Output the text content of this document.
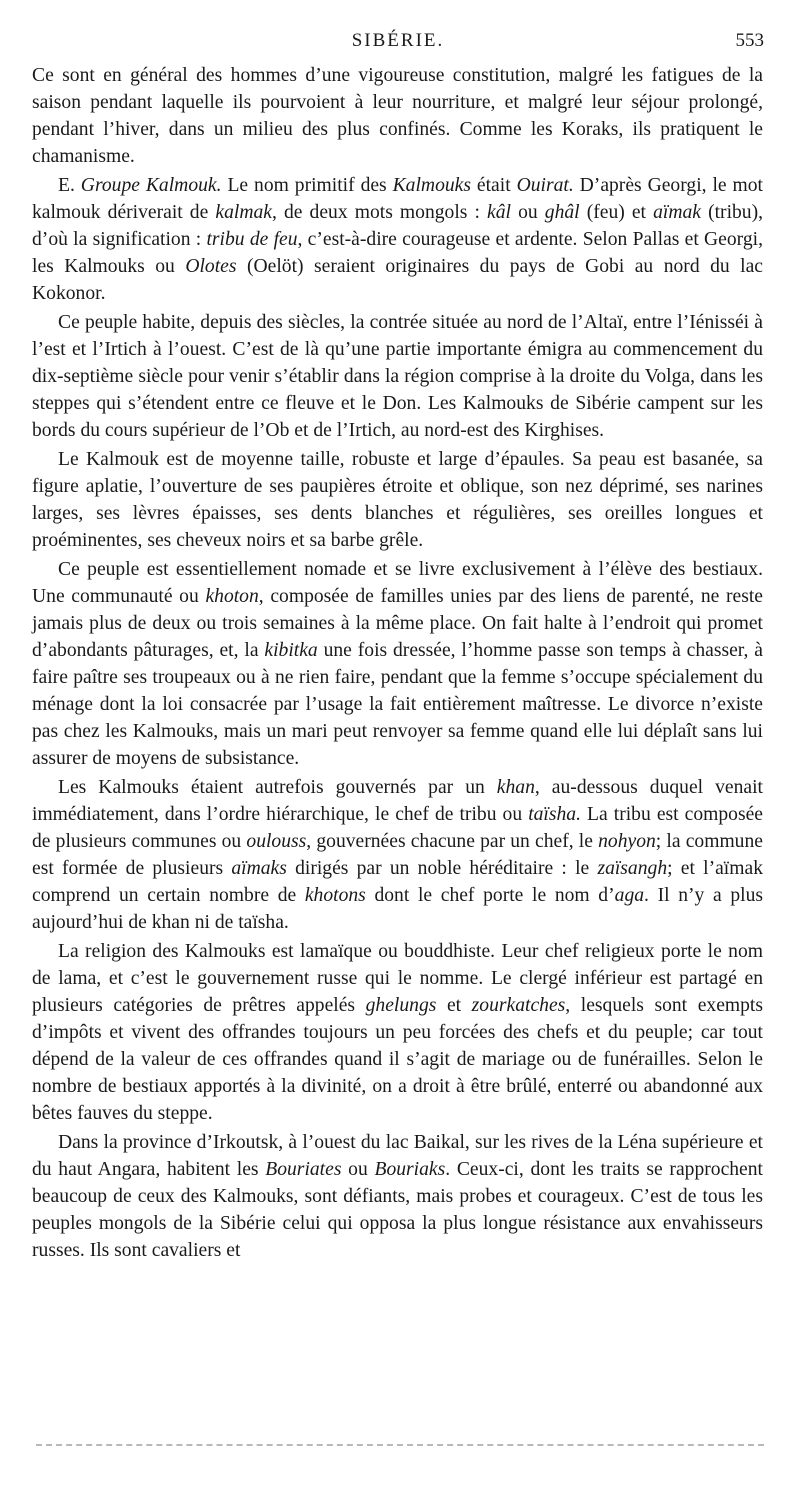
SIBÉRIE.	553

Ce sont en général des hommes d’une vigoureuse constitution, malgré les fatigues de la saison pendant laquelle ils pourvoient à leur nourriture, et malgré leur séjour prolongé, pendant l’hiver, dans un milieu des plus confinés. Comme les Koraks, ils pratiquent le chamanisme.

E. Groupe Kalmouk. Le nom primitif des Kalmouks était Ouirat. D’après Georgi, le mot kalmouk dériverait de kalmak, de deux mots mongols : kâl ou ghâl (feu) et aïmak (tribu), d’où la signification : tribu de feu, c’est-à-dire courageuse et ardente. Selon Pallas et Georgi, les Kalmouks ou Olotes (Oelöt) seraient originaires du pays de Gobi au nord du lac Kokonor.

Ce peuple habite, depuis des siècles, la contrée située au nord de l’Altaï, entre l’Iénisséi à l’est et l’Irtich à l’ouest. C’est de là qu’une partie importante émigra au commencement du dix-septième siècle pour venir s’établir dans la région comprise à la droite du Volga, dans les steppes qui s’étendent entre ce fleuve et le Don. Les Kalmouks de Sibérie campent sur les bords du cours supérieur de l’Ob et de l’Irtich, au nord-est des Kirghises.

Le Kalmouk est de moyenne taille, robuste et large d’épaules. Sa peau est basanée, sa figure aplatie, l’ouverture de ses paupières étroite et oblique, son nez déprimé, ses narines larges, ses lèvres épaisses, ses dents blanches et régulières, ses oreilles longues et proéminentes, ses cheveux noirs et sa barbe grêle.

Ce peuple est essentiellement nomade et se livre exclusivement à l’élève des bestiaux. Une communauté ou khoton, composée de familles unies par des liens de parenté, ne reste jamais plus de deux ou trois semaines à la même place. On fait halte à l’endroit qui promet d’abondants pâturages, et, la kibitka une fois dressée, l’homme passe son temps à chasser, à faire paître ses troupeaux ou à ne rien faire, pendant que la femme s’occupe spécialement du ménage dont la loi consacrée par l’usage la fait entièrement maîtresse. Le divorce n’existe pas chez les Kalmouks, mais un mari peut renvoyer sa femme quand elle lui déplaît sans lui assurer de moyens de subsistance.

Les Kalmouks étaient autrefois gouvernés par un khan, au-dessous duquel venait immédiatement, dans l’ordre hiérarchique, le chef de tribu ou taïsha. La tribu est composée de plusieurs communes ou oulouss, gouvernées chacune par un chef, le nohyon; la commune est formée de plusieurs aïmaks dirigés par un noble héréditaire : le zaïsangh; et l’aïmak comprend un certain nombre de khotons dont le chef porte le nom d’aga. Il n’y a plus aujourd’hui de khan ni de taïsha.

La religion des Kalmouks est lamaïque ou bouddhiste. Leur chef religieux porte le nom de lama, et c’est le gouvernement russe qui le nomme. Le clergé inférieur est partagé en plusieurs catégories de prêtres appelés ghelungs et zourkatches, lesquels sont exempts d’impôts et vivent des offrandes toujours un peu forcées des chefs et du peuple; car tout dépend de la valeur de ces offrandes quand il s’agit de mariage ou de funérailles. Selon le nombre de bestiaux apportés à la divinité, on a droit à être brûlé, enterré ou abandonné aux bêtes fauves du steppe.

Dans la province d’Irkoutsk, à l’ouest du lac Baikal, sur les rives de la Léna supérieure et du haut Angara, habitent les Bouriates ou Bouriaks. Ceux-ci, dont les traits se rapprochent beaucoup de ceux des Kalmouks, sont défiants, mais probes et courageux. C’est de tous les peuples mongols de la Sibérie celui qui opposa la plus longue résistance aux envahisseurs russes. Ils sont cavaliers et
